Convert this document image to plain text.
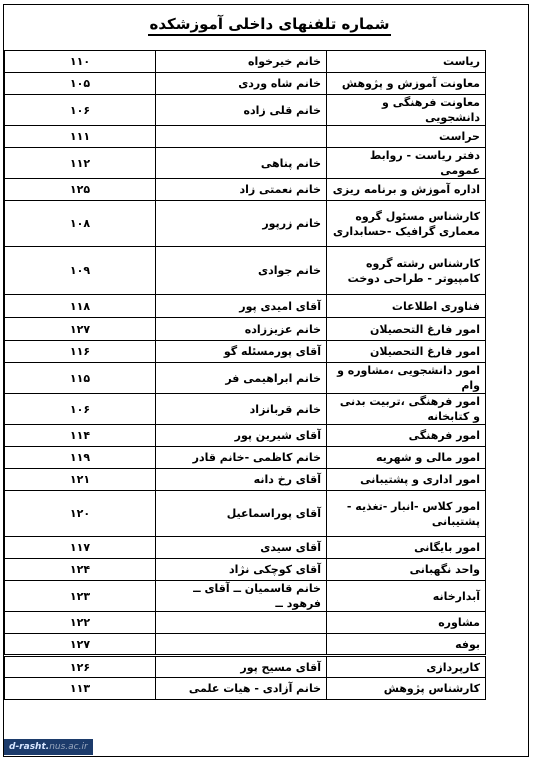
شماره تلفنهای داخلی آموزشکده
ریاست	خانم خیرخواه	۱۱۰
معاونت آموزش و پژوهش	خانم شاه وردی	۱۰۵
معاونت فرهنگی و دانشجویی	خانم قلی زاده	۱۰۶
حراست		۱۱۱
دفتر ریاست - روابط عمومی	خانم پناهی	۱۱۲
اداره آموزش و برنامه ریزی	خانم نعمتی زاد	۱۲۵
کارشناس مسئول گروه معماری گرافیک -حسابداری	خانم زرپور	۱۰۸
کارشناس رشته گروه کامپیوتر - طراحی دوخت	خانم جوادی	۱۰۹
فناوری اطلاعات	آقای امیدی پور	۱۱۸
امور فارغ التحصیلان	خانم عزیززاده	۱۲۷
امور فارغ التحصیلان	آقای پورمسئله گو	۱۱۶
امور دانشجویی ،مشاوره و وام	خانم ابراهیمی فر	۱۱۵
امور فرهنگی ،تربیت بدنی و کتابخانه	خانم قربانزاد	۱۰۶
امور فرهنگی	آقای شیرین پور	۱۱۴
امور مالی و شهریه	خانم کاظمی -خانم قادر	۱۱۹
امور اداری و پشتیبانی	آقای رخ دانه	۱۲۱
امور کلاس -انبار -تغذیه - پشتیبانی	آقای پوراسماعیل	۱۲۰
امور بایگانی	آقای سیدی	۱۱۷
واحد نگهبانی	آقای کوچکی نژاد	۱۲۴
آبدارخانه	خانم قاسمیان ــ آقای ــ فرهود ــ	۱۲۳
مشاوره		۱۲۲
بوفه		۱۲۷
کارپردازی	آقای مسیح پور	۱۲۶
کارشناس پژوهش	خانم آزادی - هیات علمی	۱۱۳
d-rasht.nus.ac.ir
